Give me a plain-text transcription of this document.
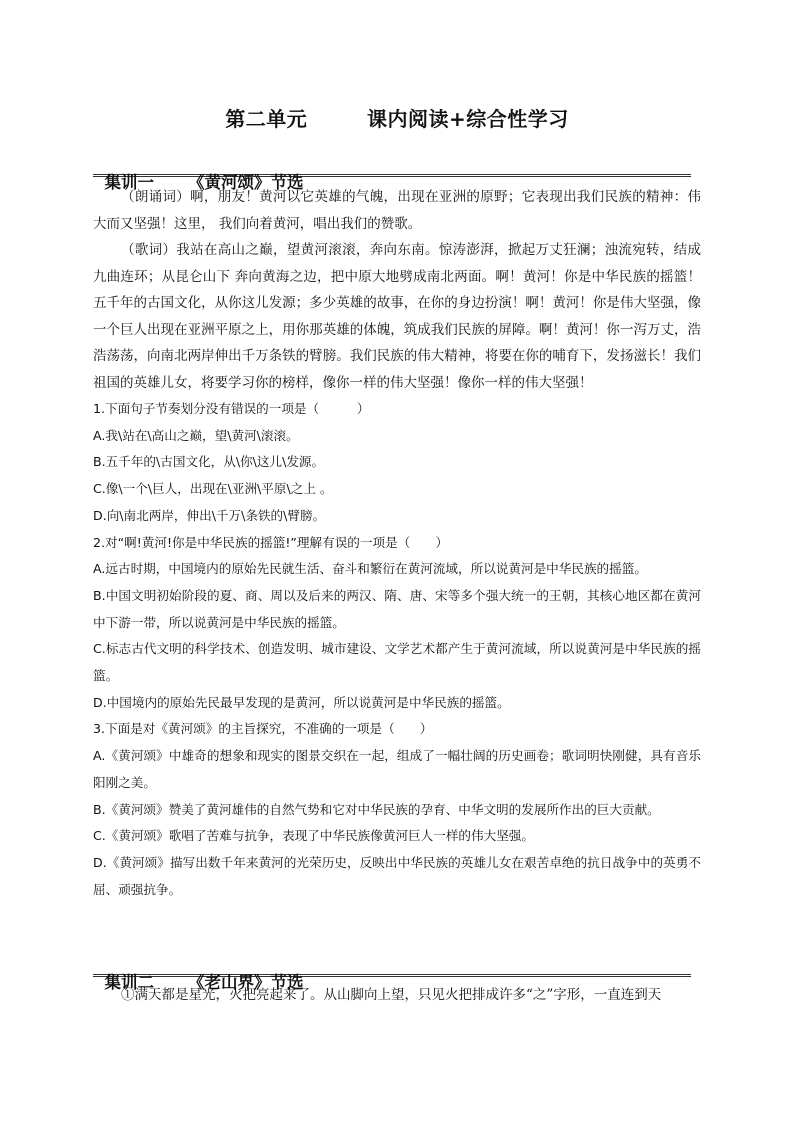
第二单元        课内阅读+综合性学习

集训一 《黄河颂》节选

（朗诵词）啊，朋友！黄河以它英雄的气魄，出现在亚洲的原野；它表现出我们民族的精神：伟大而又坚强！这里， 我们向着黄河，唱出我们的赞歌。

（歌词）我站在高山之巅，望黄河滚滚，奔向东南。惊涛澎湃，掀起万丈狂澜；浊流宛转，结成九曲连环；从昆仑山下 奔向黄海之边，把中原大地劈成南北两面。啊！黄河！你是中华民族的摇篮！五千年的古国文化，从你这儿发源；多少英雄的故事，在你的身边扮演！啊！黄河！你是伟大坚强，像一个巨人出现在亚洲平原之上，用你那英雄的体魄，筑成我们民族的屏障。啊！黄河！你一泻万丈，浩浩荡荡，向南北两岸伸出千万条铁的臂膀。我们民族的伟大精神，将要在你的哺育下，发扬滋长！我们祖国的英雄儿女，将要学习你的榜样，像你一样的伟大坚强！像你一样的伟大坚强！

1.下面句子节奏划分没有错误的一项是（　　　）

A.我\站在\高山之巅，望\黄河\滚滚。

B.五千年的\古国文化，从\你\这儿\发源。

C.像\一个\巨人，出现在\亚洲\平原\之上 。

D.向\南北两岸，伸出\千万\条铁的\臂膀。

2.对“啊!黄河!你是中华民族的摇篮!”理解有误的一项是（　　）

A.远古时期，中国境内的原始先民就生活、奋斗和繁衍在黄河流域，所以说黄河是中华民族的摇篮。

B.中国文明初始阶段的夏、商、周以及后来的两汉、隋、唐、宋等多个强大统一的王朝，其核心地区都在黄河中下游一带，所以说黄河是中华民族的摇篮。

C.标志古代文明的科学技术、创造发明、城市建设、文学艺术都产生于黄河流域，所以说黄河是中华民族的摇篮。

D.中国境内的原始先民最早发现的是黄河，所以说黄河是中华民族的摇篮。

3.下面是对《黄河颂》的主旨探究，不准确的一项是（　　）

A.《黄河颂》中雄奇的想象和现实的图景交织在一起，组成了一幅壮阔的历史画卷；歌词明快刚健，具有音乐阳刚之美。

B.《黄河颂》赞美了黄河雄伟的自然气势和它对中华民族的孕育、中华文明的发展所作出的巨大贡献。

C.《黄河颂》歌唱了苦难与抗争，表现了中华民族像黄河巨人一样的伟大坚强。

D.《黄河颂》描写出数千年来黄河的光荣历史，反映出中华民族的英雄儿女在艰苦卓绝的抗日战争中的英勇不屈、顽强抗争。

集训二 《老山界》节选

①满天都是星光，火把亮起来了。从山脚向上望，只见火把排成许多“之”字形，一直连到天
